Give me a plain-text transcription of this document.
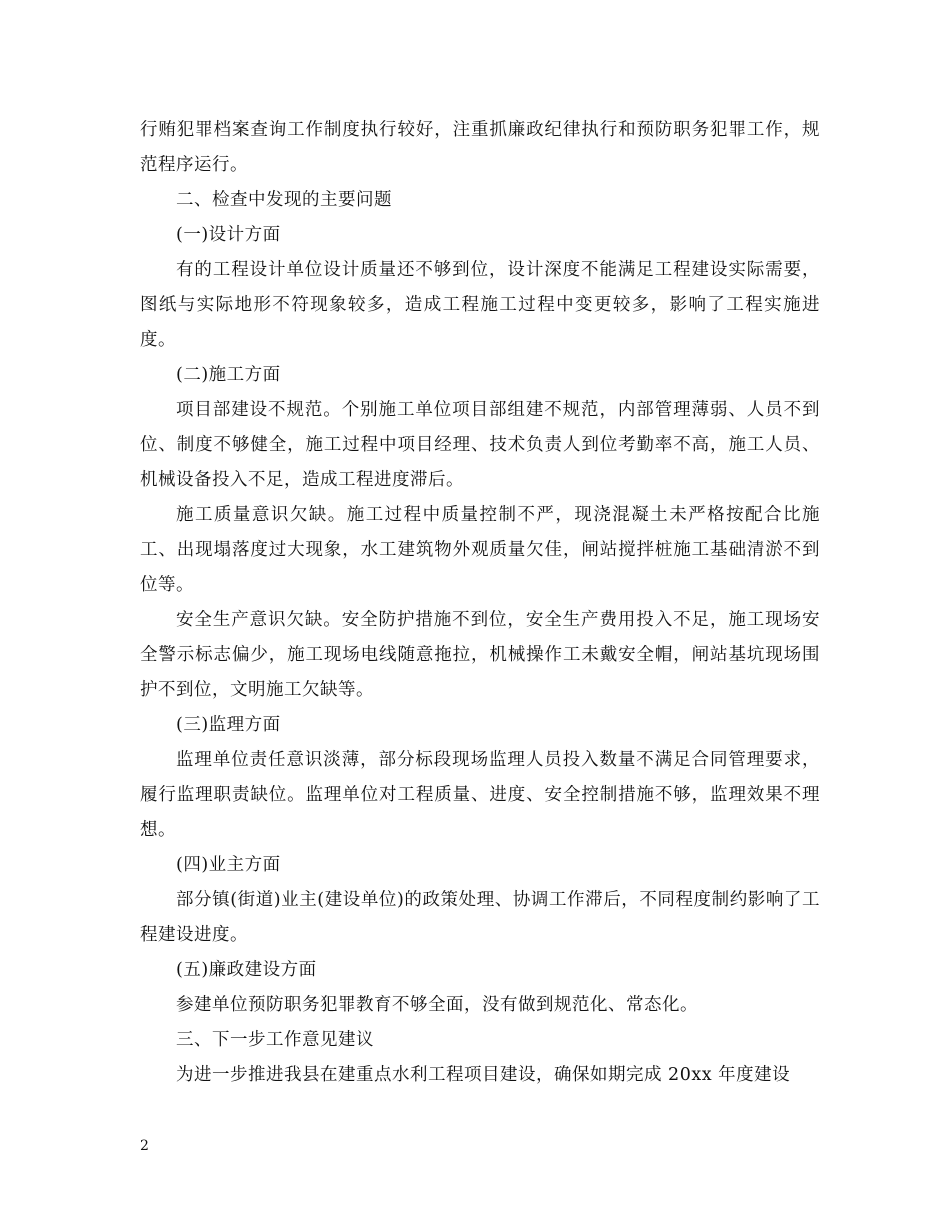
行贿犯罪档案查询工作制度执行较好，注重抓廉政纪律执行和预防职务犯罪工作，规范程序运行。

二、检查中发现的主要问题

(一)设计方面

有的工程设计单位设计质量还不够到位，设计深度不能满足工程建设实际需要，图纸与实际地形不符现象较多，造成工程施工过程中变更较多，影响了工程实施进度。

(二)施工方面

项目部建设不规范。个别施工单位项目部组建不规范，内部管理薄弱、人员不到位、制度不够健全，施工过程中项目经理、技术负责人到位考勤率不高，施工人员、机械设备投入不足，造成工程进度滞后。

施工质量意识欠缺。施工过程中质量控制不严，现浇混凝土未严格按配合比施工、出现塌落度过大现象，水工建筑物外观质量欠佳，闸站搅拌桩施工基础清淤不到位等。

安全生产意识欠缺。安全防护措施不到位，安全生产费用投入不足，施工现场安全警示标志偏少，施工现场电线随意拖拉，机械操作工未戴安全帽，闸站基坑现场围护不到位，文明施工欠缺等。

(三)监理方面

监理单位责任意识淡薄，部分标段现场监理人员投入数量不满足合同管理要求，履行监理职责缺位。监理单位对工程质量、进度、安全控制措施不够，监理效果不理想。

(四)业主方面

部分镇(街道)业主(建设单位)的政策处理、协调工作滞后，不同程度制约影响了工程建设进度。

(五)廉政建设方面

参建单位预防职务犯罪教育不够全面，没有做到规范化、常态化。

三、下一步工作意见建议

为进一步推进我县在建重点水利工程项目建设，确保如期完成 20xx 年度建设

2
